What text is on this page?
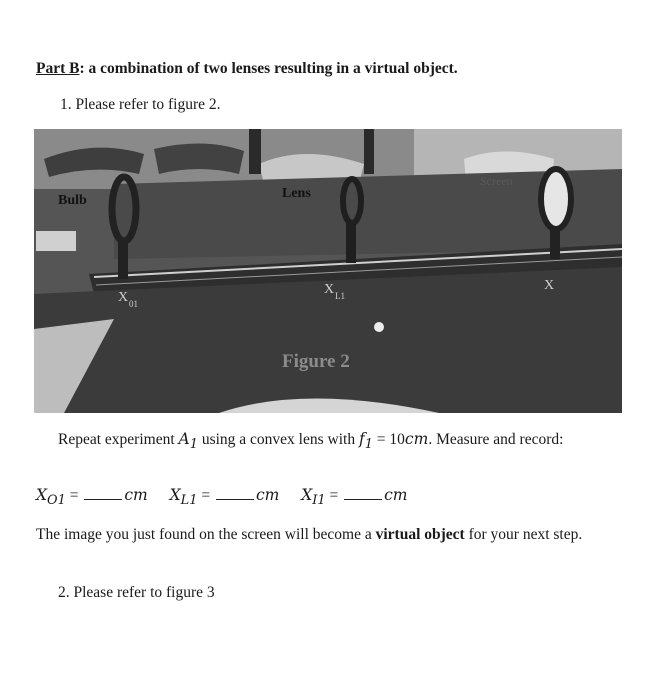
Part B: a combination of two lenses resulting in a virtual object.
1. Please refer to figure 2.
Bulb	Lens
Screen
X 01
X L1
X
Figure 2
Repeat experiment $A_1$ using a convex lens with $f_1 = 10cm$. Measure and record:
$X_{O1}$ =	cm $X_{L1}$ =	cm $X_{I1}$ =	cm
The image you just found on the screen will become a virtual object for your next step.
2. Please refer to figure 3
